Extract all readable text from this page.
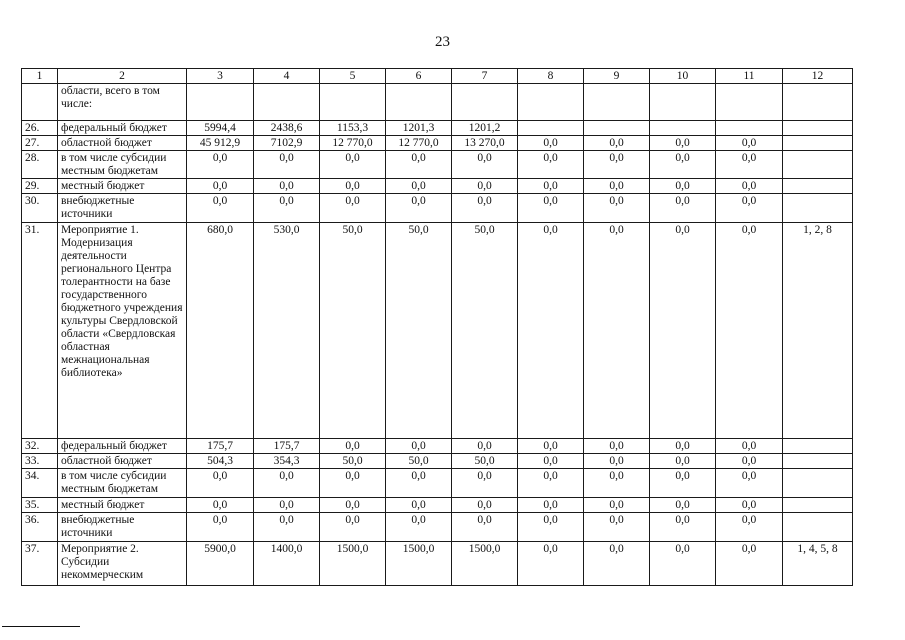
23
1	2	3	4	5	6	7	8	9	10	11	12
	области, всего в том числе:										
26.	федеральный бюджет	5994,4	2438,6	1153,3	1201,3	1201,2					
27.	областной бюджет	45 912,9	7102,9	12 770,0	12 770,0	13 270,0	0,0	0,0	0,0	0,0	
28.	в том числе субсидии местным бюджетам	0,0	0,0	0,0	0,0	0,0	0,0	0,0	0,0	0,0	
29.	местный бюджет	0,0	0,0	0,0	0,0	0,0	0,0	0,0	0,0	0,0	
30.	внебюджетные источники	0,0	0,0	0,0	0,0	0,0	0,0	0,0	0,0	0,0	
31.	Мероприятие 1. Модернизация деятельности регионального Центра толерантности на базе государственного бюджетного учреждения культуры Свердловской области «Свердловская областная межнациональная библиотека»	680,0	530,0	50,0	50,0	50,0	0,0	0,0	0,0	0,0	1, 2, 8
32.	федеральный бюджет	175,7	175,7	0,0	0,0	0,0	0,0	0,0	0,0	0,0	
33.	областной бюджет	504,3	354,3	50,0	50,0	50,0	0,0	0,0	0,0	0,0	
34.	в том числе субсидии местным бюджетам	0,0	0,0	0,0	0,0	0,0	0,0	0,0	0,0	0,0	
35.	местный бюджет	0,0	0,0	0,0	0,0	0,0	0,0	0,0	0,0	0,0	
36.	внебюджетные источники	0,0	0,0	0,0	0,0	0,0	0,0	0,0	0,0	0,0	
37.	Мероприятие 2. Субсидии некоммерческим	5900,0	1400,0	1500,0	1500,0	1500,0	0,0	0,0	0,0	0,0	1, 4, 5, 8
